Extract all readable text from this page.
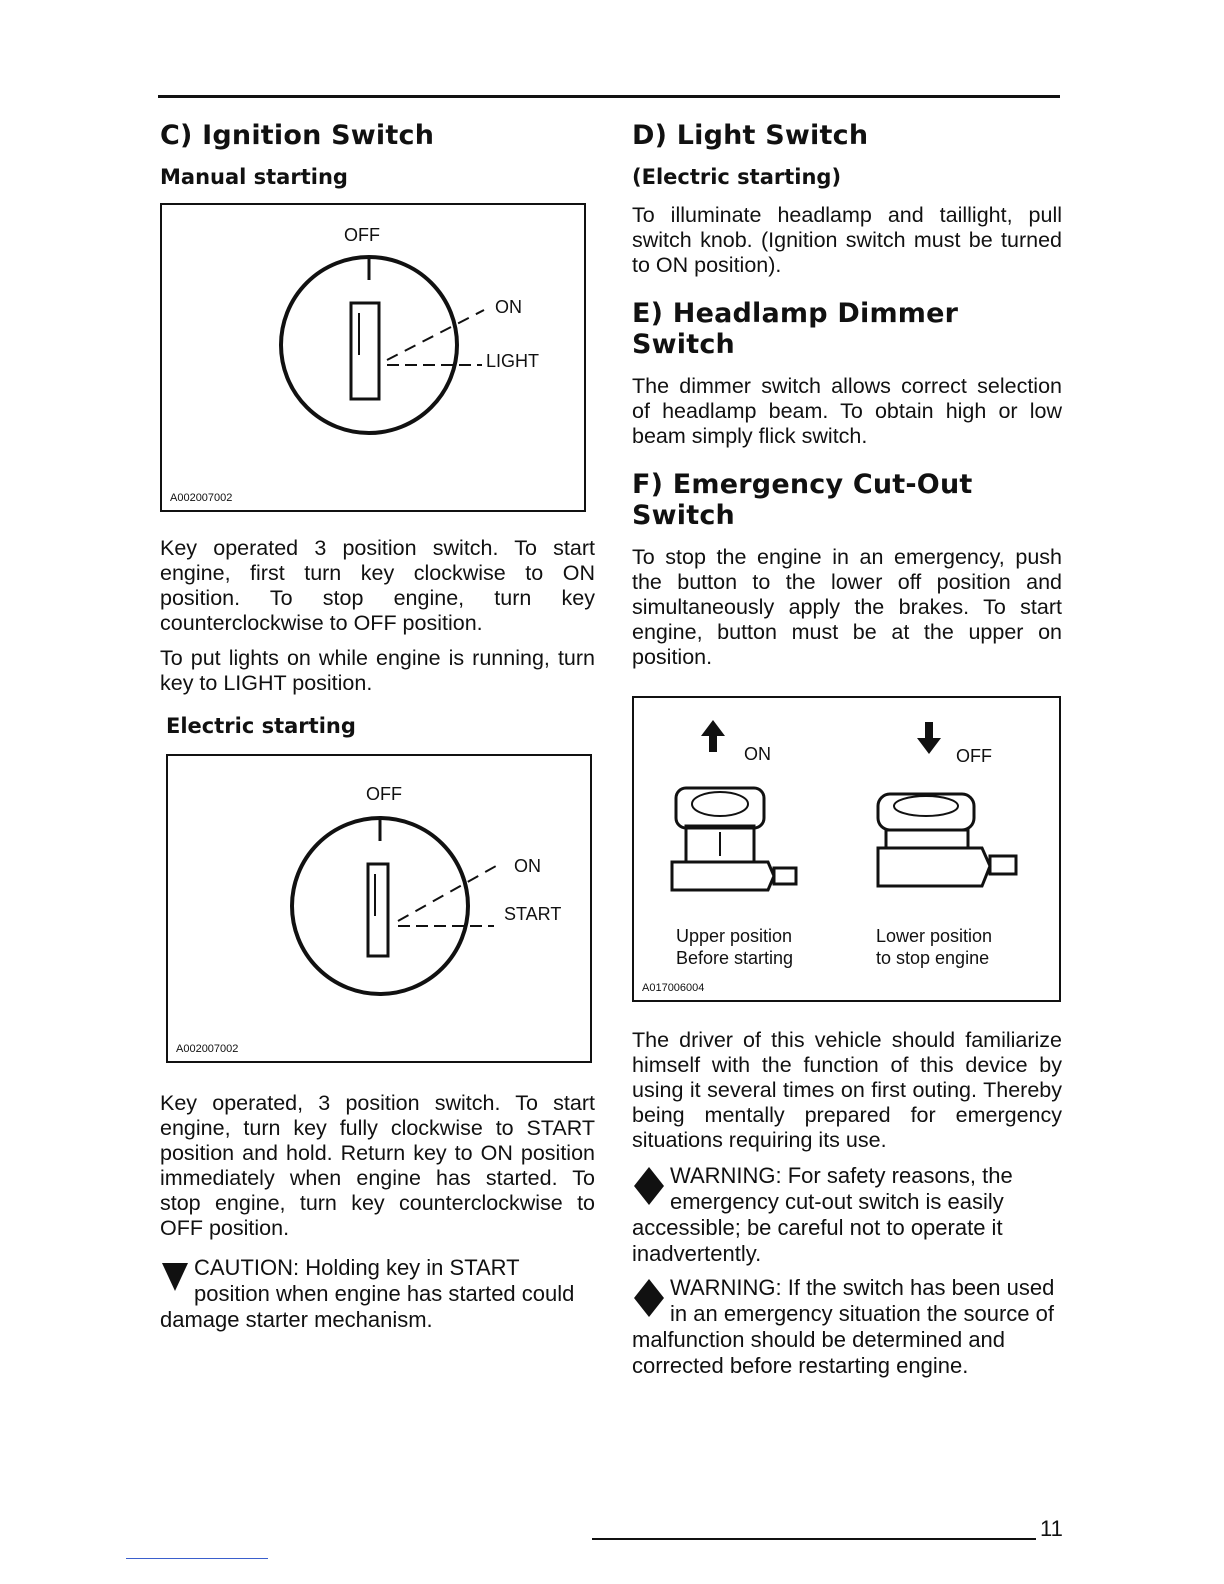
C) Ignition Switch
Manual starting
OFF
ON
LIGHT
A002007002

Key operated 3 position switch. To start engine, first turn key clockwise to ON position. To stop engine, turn key counterclockwise to OFF position.

To put lights on while engine is running, turn key to LIGHT position.

Electric starting
OFF
ON
START
A002007002

Key operated, 3 position switch. To start engine, turn key fully clockwise to START position and hold. Return key to ON position immediately when engine has started. To stop engine, turn key counterclockwise to OFF position.

CAUTION: Holding key in START position when engine has started could damage starter mechanism.
D) Light Switch
(Electric starting)

To illuminate headlamp and taillight, pull switch knob. (Ignition switch must be turned to ON position).

E) Headlamp Dimmer Switch

The dimmer switch allows correct selection of headlamp beam. To obtain high or low beam simply flick switch.

F) Emergency Cut-Out Switch

To stop the engine in an emergency, push the button to the lower off position and simultaneously apply the brakes. To start engine, button must be at the upper on position.

ON	OFF
Upper position
Before starting
Lower position
to stop engine
A017006004

The driver of this vehicle should familiarize himself with the function of this device by using it several times on first outing. Thereby being mentally prepared for emergency situations requiring its use.

WARNING: For safety reasons, the emergency cut-out switch is easily accessible; be careful not to operate it inadvertently.
WARNING: If the switch has been used in an emergency situation the source of malfunction should be determined and corrected before restarting engine.
11
